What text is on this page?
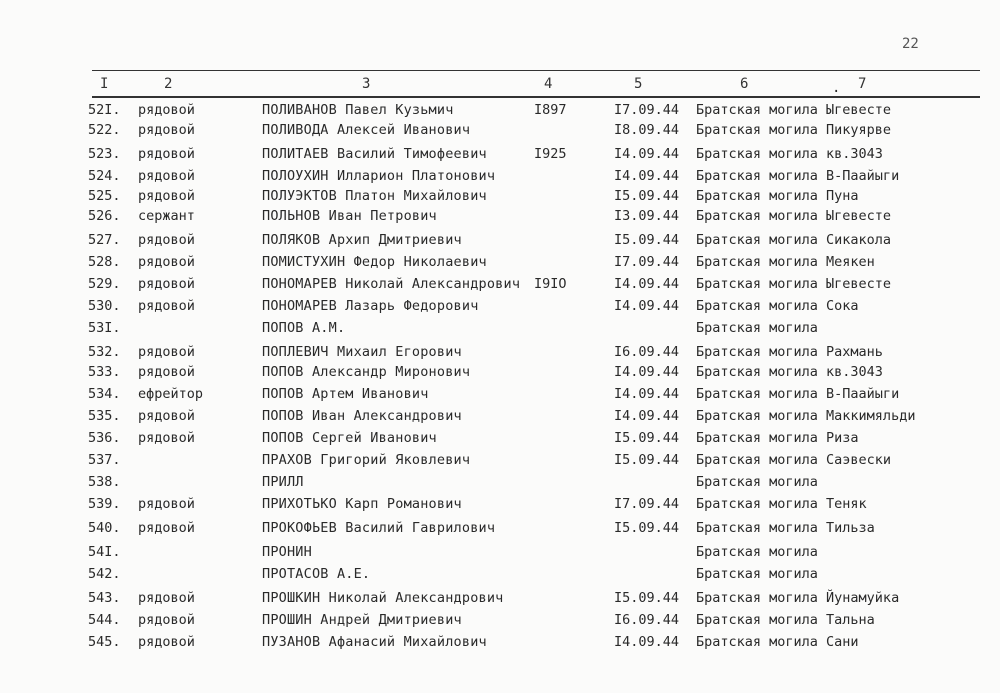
22
I	2	3	4	5	6	. 7
52I. рядовой	ПОЛИВАНОВ Павел Кузьмич	I897	I7.09.44 Братская могила Ыгевесте
522. рядовой	ПОЛИВОДА Алексей Иванович	I8.09.44 Братская могила Пикуярве
523. рядовой	ПОЛИТАЕВ Василий Тимофеевич	I925	I4.09.44 Братская могила кв.3043
524. рядовой	ПОЛОУХИН Илларион Платонович	I4.09.44 Братская могила В-Паайыги
525. рядовой	ПОЛУЭКТОВ Платон Михайлович	I5.09.44 Братская могила Пуна
526. сержант	ПОЛЬНОВ Иван Петрович	I3.09.44 Братская могила Ыгевесте
527. рядовой	ПОЛЯКОВ Архип Дмитриевич	I5.09.44 Братская могила Сикакола
528. рядовой	ПОМИСТУХИН Федор Николаевич	I7.09.44 Братская могила Меякен
529. рядовой	ПОНОМАРЕВ Николай Александрович I9IO	I4.09.44 Братская могила Ыгевесте
530. рядовой	ПОНОМАРЕВ Лазарь Федорович	I4.09.44 Братская могила Сока
53I.	ПОПОВ А.М.	Братская могила
532. рядовой	ПОПЛЕВИЧ Михаил Егорович	I6.09.44 Братская могила Рахмань
533. рядовой	ПОПОВ Александр Миронович	I4.09.44 Братская могила кв.3043
534. ефрейтор	ПОПОВ Артем Иванович	I4.09.44 Братская могила В-Паайыги
535. рядовой	ПОПОВ Иван Александрович	I4.09.44 Братская могила Маккимяльди
536. рядовой	ПОПОВ Сергей Иванович	I5.09.44 Братская могила Риза
537.	ПРАХОВ Григорий Яковлевич	I5.09.44 Братская могила Саэвески
538.	ПРИЛЛ	Братская могила
539. рядовой	ПРИХОТЬКО Карп Романович	I7.09.44 Братская могила Теняк
540. рядовой	ПРОКОФЬЕВ Василий Гаврилович	I5.09.44 Братская могила Тильза
54I.	ПРОНИН	Братская могила
542.	ПРОТАСОВ А.Е.	Братская могила
543. рядовой	ПРОШКИН Николай Александрович	I5.09.44 Братская могила Йунамуйка
544. рядовой	ПРОШИН Андрей Дмитриевич	I6.09.44 Братская могила Тальна
545. рядовой	ПУЗАНОВ Афанасий Михайлович	I4.09.44 Братская могила Сани
